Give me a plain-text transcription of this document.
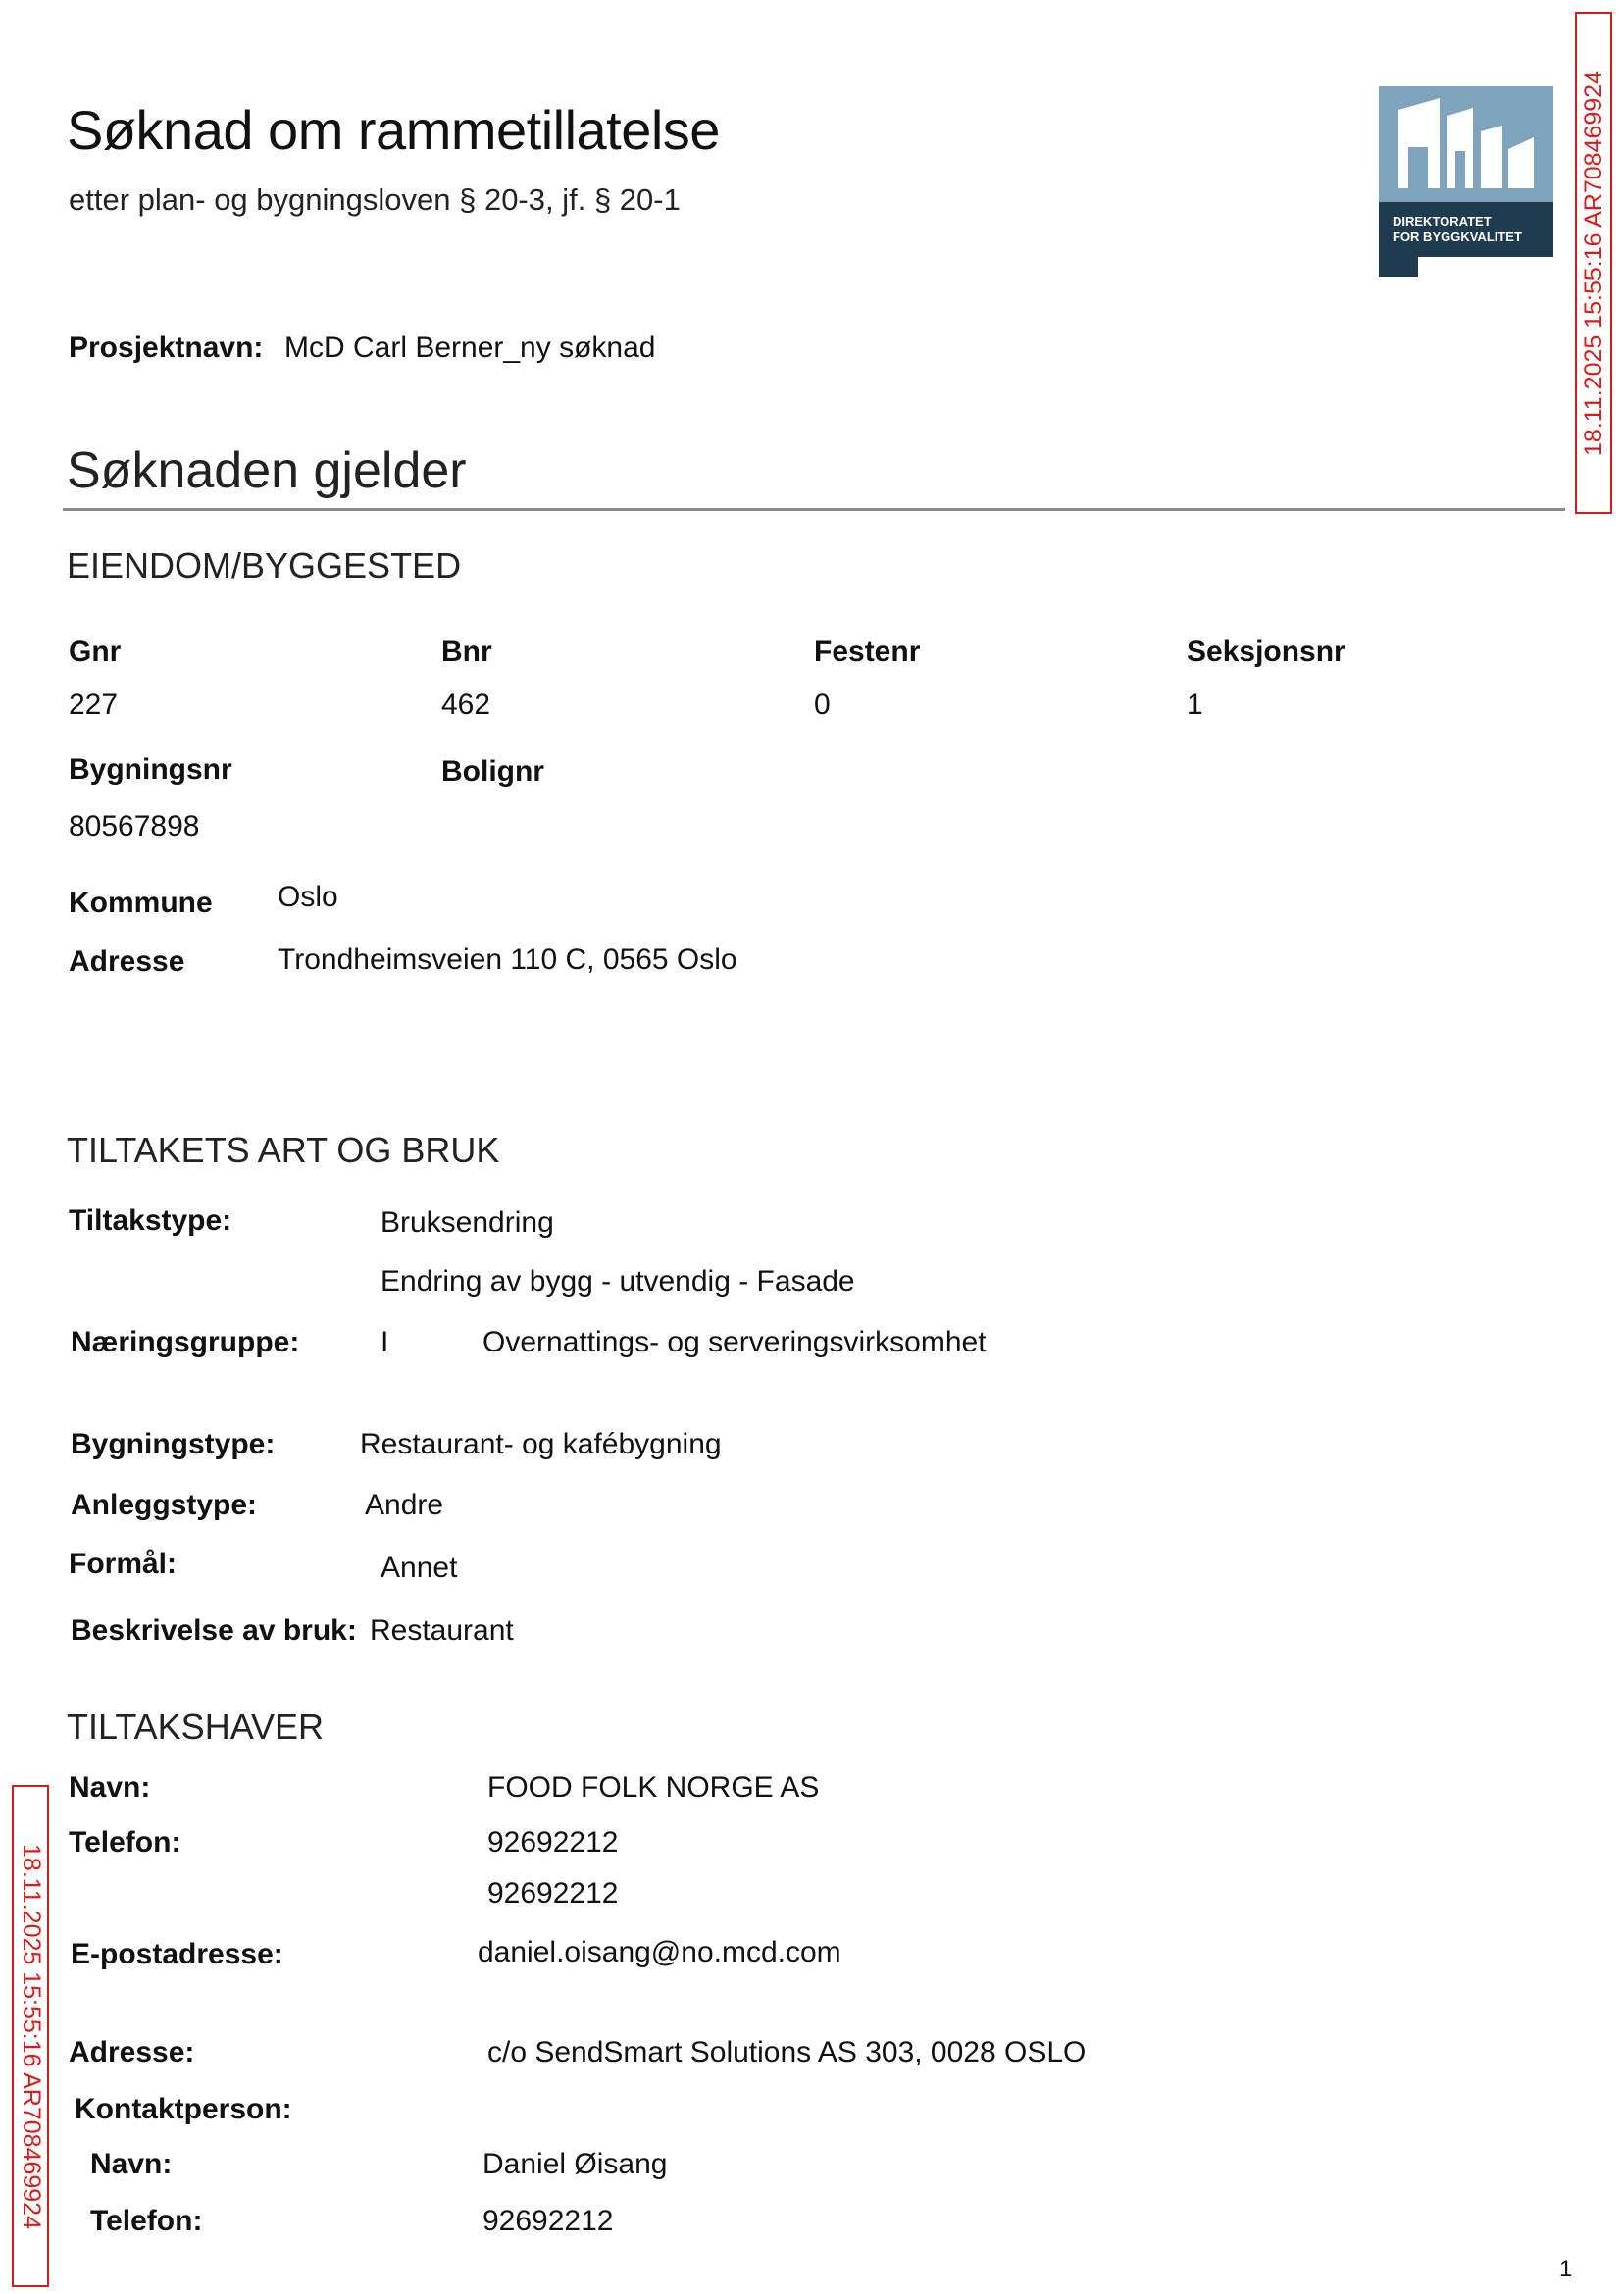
Søknad om rammetillatelse
etter plan- og bygningsloven § 20-3, jf. § 20-1
DIREKTORATET
FOR BYGGKVALITET 18.11.2025 15:55:16 AR708469924
18.11.2025 15:55:16 AR708469924
Prosjektnavn: McD Carl Berner_ny søknad
Søknaden gjelder
EIENDOM/BYGGESTED
Gnr	Bnr	Festenr	Seksjonsnr
227	462	0	1
Bygningsnr	Bolignr
80567898
Kommune Oslo
Adresse	Trondheimsveien 110 C, 0565 Oslo
TILTAKETS ART OG BRUK
Tiltakstype:	Bruksendring
Endring av bygg - utvendig - Fasade
Næringsgruppe:	I	Overnattings- og serveringsvirksomhet
Bygningstype:	Restaurant- og kafébygning
Anleggstype:	Andre
Formål:	Annet
Beskrivelse av bruk: Restaurant
TILTAKSHAVER
Navn:	FOOD FOLK NORGE AS
Telefon:	92692212
92692212
E-postadresse:	daniel.oisang@no.mcd.com
Adresse:	c/o SendSmart Solutions AS 303, 0028 OSLO
Kontaktperson:
Navn:	Daniel Øisang
Telefon:	92692212
1
